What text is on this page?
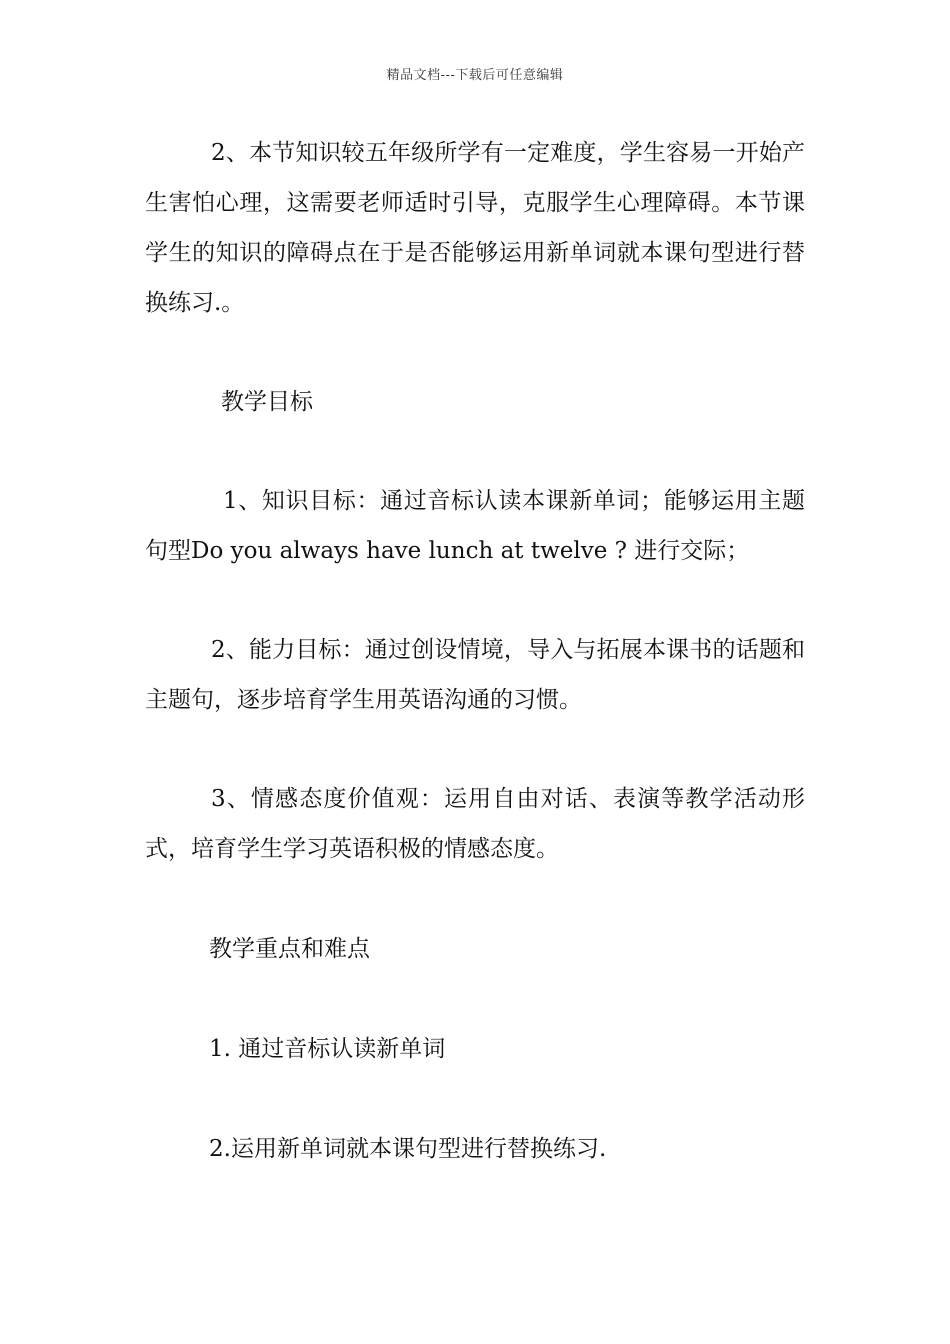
精品文档---下载后可任意编辑

2、本节知识较五年级所学有一定难度，学生容易一开始产生害怕心理，这需要老师适时引导，克服学生心理障碍。本节课学生的知识的障碍点在于是否能够运用新单词就本课句型进行替换练习.。

教学目标

1、知识目标：通过音标认读本课新单词；能够运用主题句型Do you always have lunch at twelve ? 进行交际；

2、能力目标：通过创设情境，导入与拓展本课书的话题和主题句，逐步培育学生用英语沟通的习惯。

3、情感态度价值观：运用自由对话、表演等教学活动形式，培育学生学习英语积极的情感态度。

教学重点和难点

1. 通过音标认读新单词

2.运用新单词就本课句型进行替换练习.
